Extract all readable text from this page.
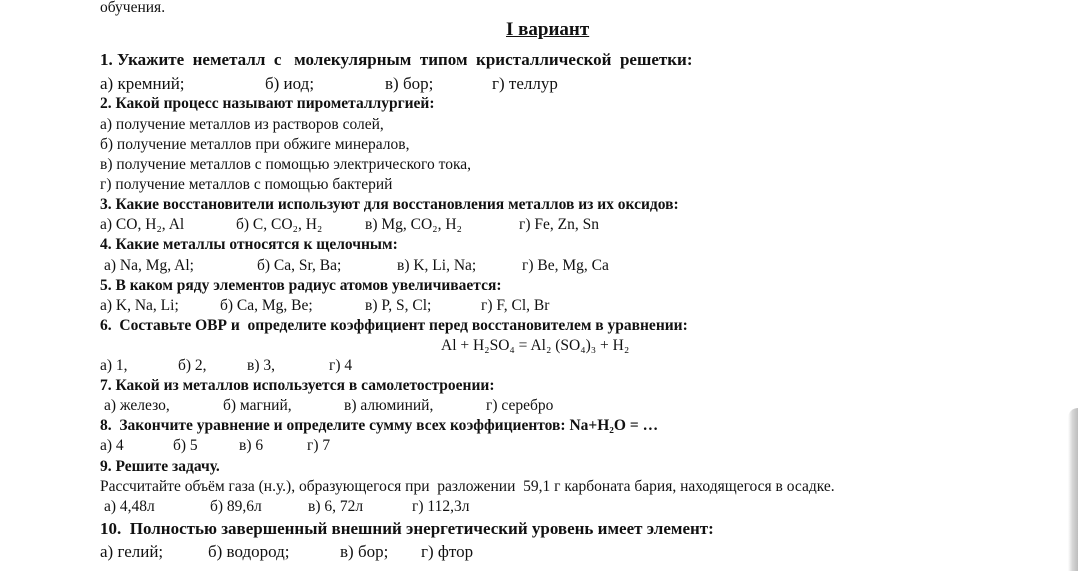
обучения.
I вариант
1. Укажите  неметалл  с   молекулярным  типом  кристаллической  решетки:
а) кремний;	б) иод;	в) бор;	г) теллур
2. Какой процесс называют пирометаллургией:
а) получение металлов из растворов солей,
б) получение металлов при обжиге минералов,
в) получение металлов с помощью электрического тока,
г) получение металлов с помощью бактерий
3. Какие восстановители используют для восстановления металлов из их оксидов:
а) CO, H₂, Al	б) C, CO₂, H₂	в) Mg, CO₂, H₂	г) Fe, Zn, Sn
4. Какие металлы относятся к щелочным:
а) Na, Mg, Al;	б) Ca, Sr, Ba;	в) K, Li, Na;	г) Be, Mg, Ca
5. В каком ряду элементов радиус атомов увеличивается:
а) K, Na, Li;	б) Ca, Mg, Be;	в) P, S, Cl;	г) F, Cl, Br
6.  Составьте ОВР и  определите коэффициент перед восстановителем в уравнении:
Al + H₂SO₄ = Al₂ (SO₄)₃ + H₂
а) 1,	б) 2,	в) 3,	г) 4
7. Какой из металлов используется в самолетостроении:
а) железо,	б) магний,	в) алюминий,	г) серебро
8.  Закончите уравнение и определите сумму всех коэффициентов: Na+H₂O = …
а) 4	б) 5	в) 6	г) 7
9. Решите задачу.
Рассчитайте объём газа (н.у.), образующегося при  разложении  59,1 г карбоната бария, находящегося в осадке.
а) 4,48л	б) 89,6л	в) 6, 72л	г) 112,3л
10.  Полностью завершенный внешний энергетический уровень имеет элемент:
а) гелий;	б) водород;	в) бор; г) фтор
